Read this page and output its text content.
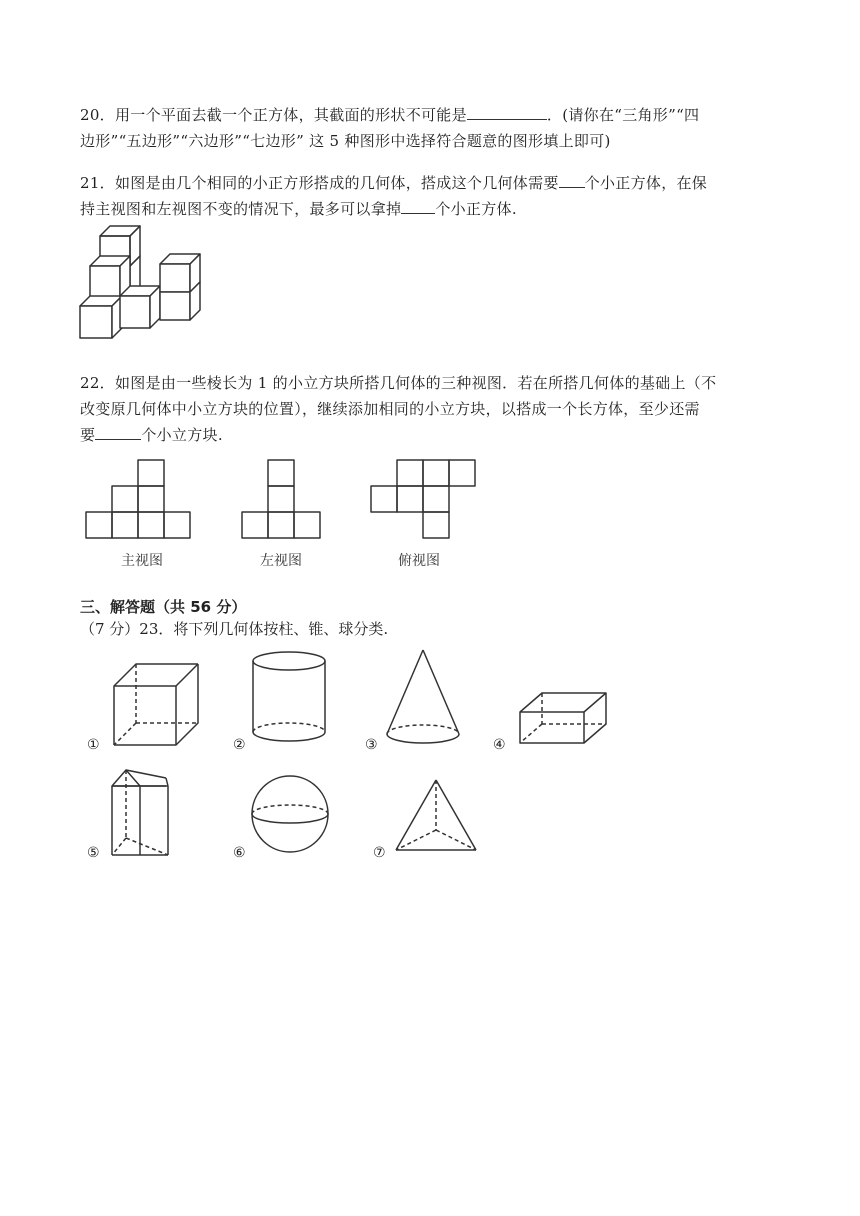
20．用一个平面去截一个正方体，其截面的形状不可能是	．(请你在“三角形”“四
边形”“五边形”“六边形”“七边形” 这 5 种图形中选择符合题意的图形填上即可)

21．如图是由几个相同的小正方形搭成的几何体，搭成这个几何体需要 个小正方体，在保
持主视图和左视图不变的情况下，最多可以拿掉 个小正方体.

22．如图是由一些棱长为 1 的小立方块所搭几何体的三种视图．若在所搭几何体的基础上（不
改变原几何体中小立方块的位置），继续添加相同的小立方块，以搭成一个长方体，至少还需
要	个小立方块.

三、解答题（共 56 分）
（7 分）23．将下列几何体按柱、锥、球分类.
主视图	左视图	俯视图
①	②	③	④
⑤	⑥	⑦
